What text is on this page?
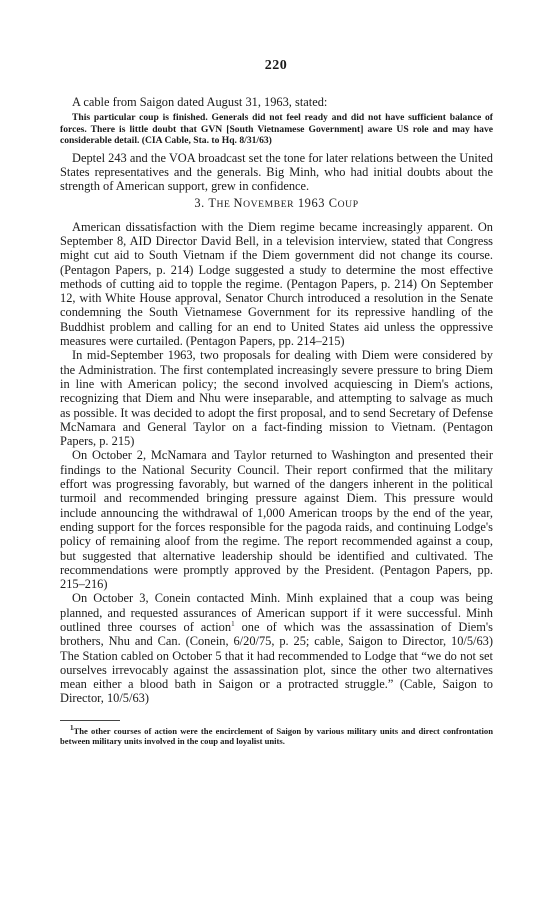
220

A cable from Saigon dated August 31, 1963, stated:

This particular coup is finished. Generals did not feel ready and did not have sufficient balance of forces. There is little doubt that GVN [South Vietnamese Government] aware US role and may have considerable detail. (CIA Cable, Sta. to Hq. 8/31/63)

Deptel 243 and the VOA broadcast set the tone for later relations between the United States representatives and the generals. Big Minh, who had initial doubts about the strength of American support, grew in confidence.

3. THE NOVEMBER 1963 COUP

American dissatisfaction with the Diem regime became increasingly apparent. On September 8, AID Director David Bell, in a television interview, stated that Congress might cut aid to South Vietnam if the Diem government did not change its course. (Pentagon Papers, p. 214) Lodge suggested a study to determine the most effective methods of cutting aid to topple the regime. (Pentagon Papers, p. 214) On September 12, with White House approval, Senator Church introduced a resolution in the Senate condemning the South Vietnamese Government for its repressive handling of the Buddhist problem and calling for an end to United States aid unless the oppressive measures were curtailed. (Pentagon Papers, pp. 214–215)

In mid-September 1963, two proposals for dealing with Diem were considered by the Administration. The first contemplated increasingly severe pressure to bring Diem in line with American policy; the second involved acquiescing in Diem's actions, recognizing that Diem and Nhu were inseparable, and attempting to salvage as much as possible. It was decided to adopt the first proposal, and to send Secretary of Defense McNamara and General Taylor on a fact-finding mission to Vietnam. (Pentagon Papers, p. 215)

On October 2, McNamara and Taylor returned to Washington and presented their findings to the National Security Council. Their report confirmed that the military effort was progressing favorably, but warned of the dangers inherent in the political turmoil and recommended bringing pressure against Diem. This pressure would include announcing the withdrawal of 1,000 American troops by the end of the year, ending support for the forces responsible for the pagoda raids, and continuing Lodge's policy of remaining aloof from the regime. The report recommended against a coup, but suggested that alternative leadership should be identified and cultivated. The recommendations were promptly approved by the President. (Pentagon Papers, pp. 215–216)

On October 3, Conein contacted Minh. Minh explained that a coup was being planned, and requested assurances of American support if it were successful. Minh outlined three courses of action$^1$ one of which was the assassination of Diem's brothers, Nhu and Can. (Conein, 6/20/75, p. 25; cable, Saigon to Director, 10/5/63) The Station cabled on October 5 that it had recommended to Lodge that “we do not set ourselves irrevocably against the assassination plot, since the other two alternatives mean either a blood bath in Saigon or a protracted struggle.” (Cable, Saigon to Director, 10/5/63)

$^1$The other courses of action were the encirclement of Saigon by various military units and direct confrontation between military units involved in the coup and loyalist units.
